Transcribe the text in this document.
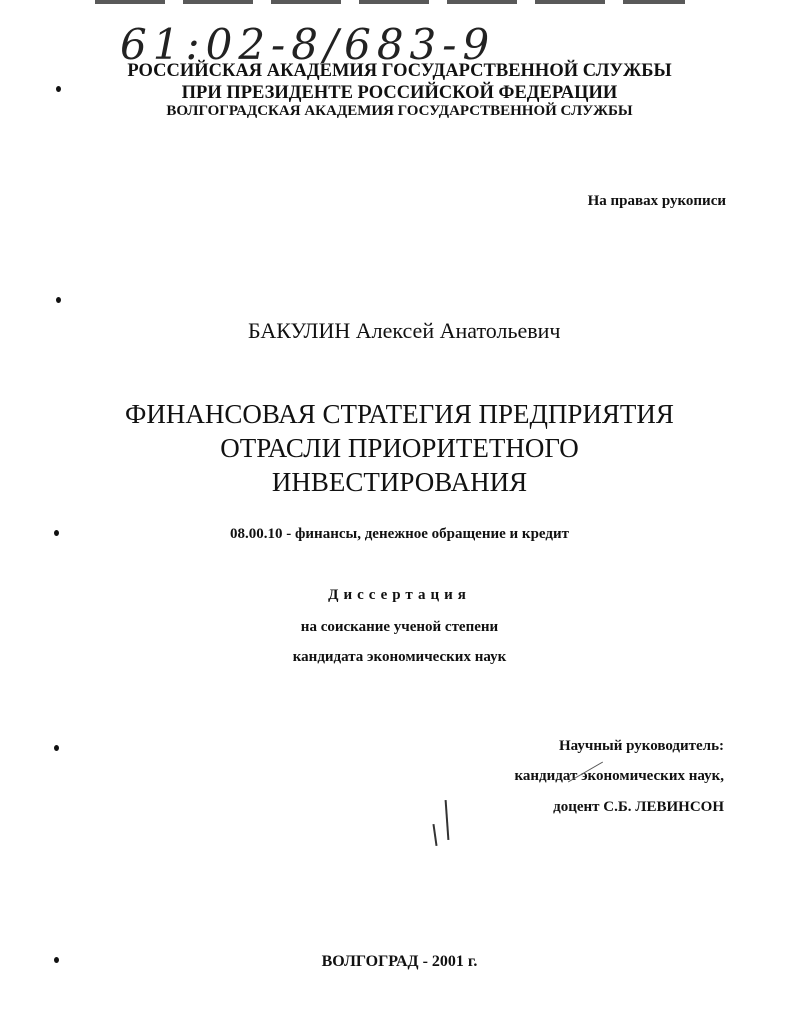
61:02-8/683-9
РОССИЙСКАЯ АКАДЕМИЯ ГОСУДАРСТВЕННОЙ СЛУЖБЫ
ПРИ ПРЕЗИДЕНТЕ РОССИЙСКОЙ ФЕДЕРАЦИИ
ВОЛГОГРАДСКАЯ АКАДЕМИЯ ГОСУДАРСТВЕННОЙ СЛУЖБЫ
На правах рукописи
БАКУЛИН Алексей Анатольевич
ФИНАНСОВАЯ СТРАТЕГИЯ ПРЕДПРИЯТИЯ
ОТРАСЛИ ПРИОРИТЕТНОГО
ИНВЕСТИРОВАНИЯ
08.00.10 - финансы, денежное обращение и кредит
Диссертация
на соискание ученой степени
кандидата экономических наук
Научный руководитель:
кандидат экономических наук,
доцент С.Б. ЛЕВИНСОН
ВОЛГОГРАД - 2001 г.
